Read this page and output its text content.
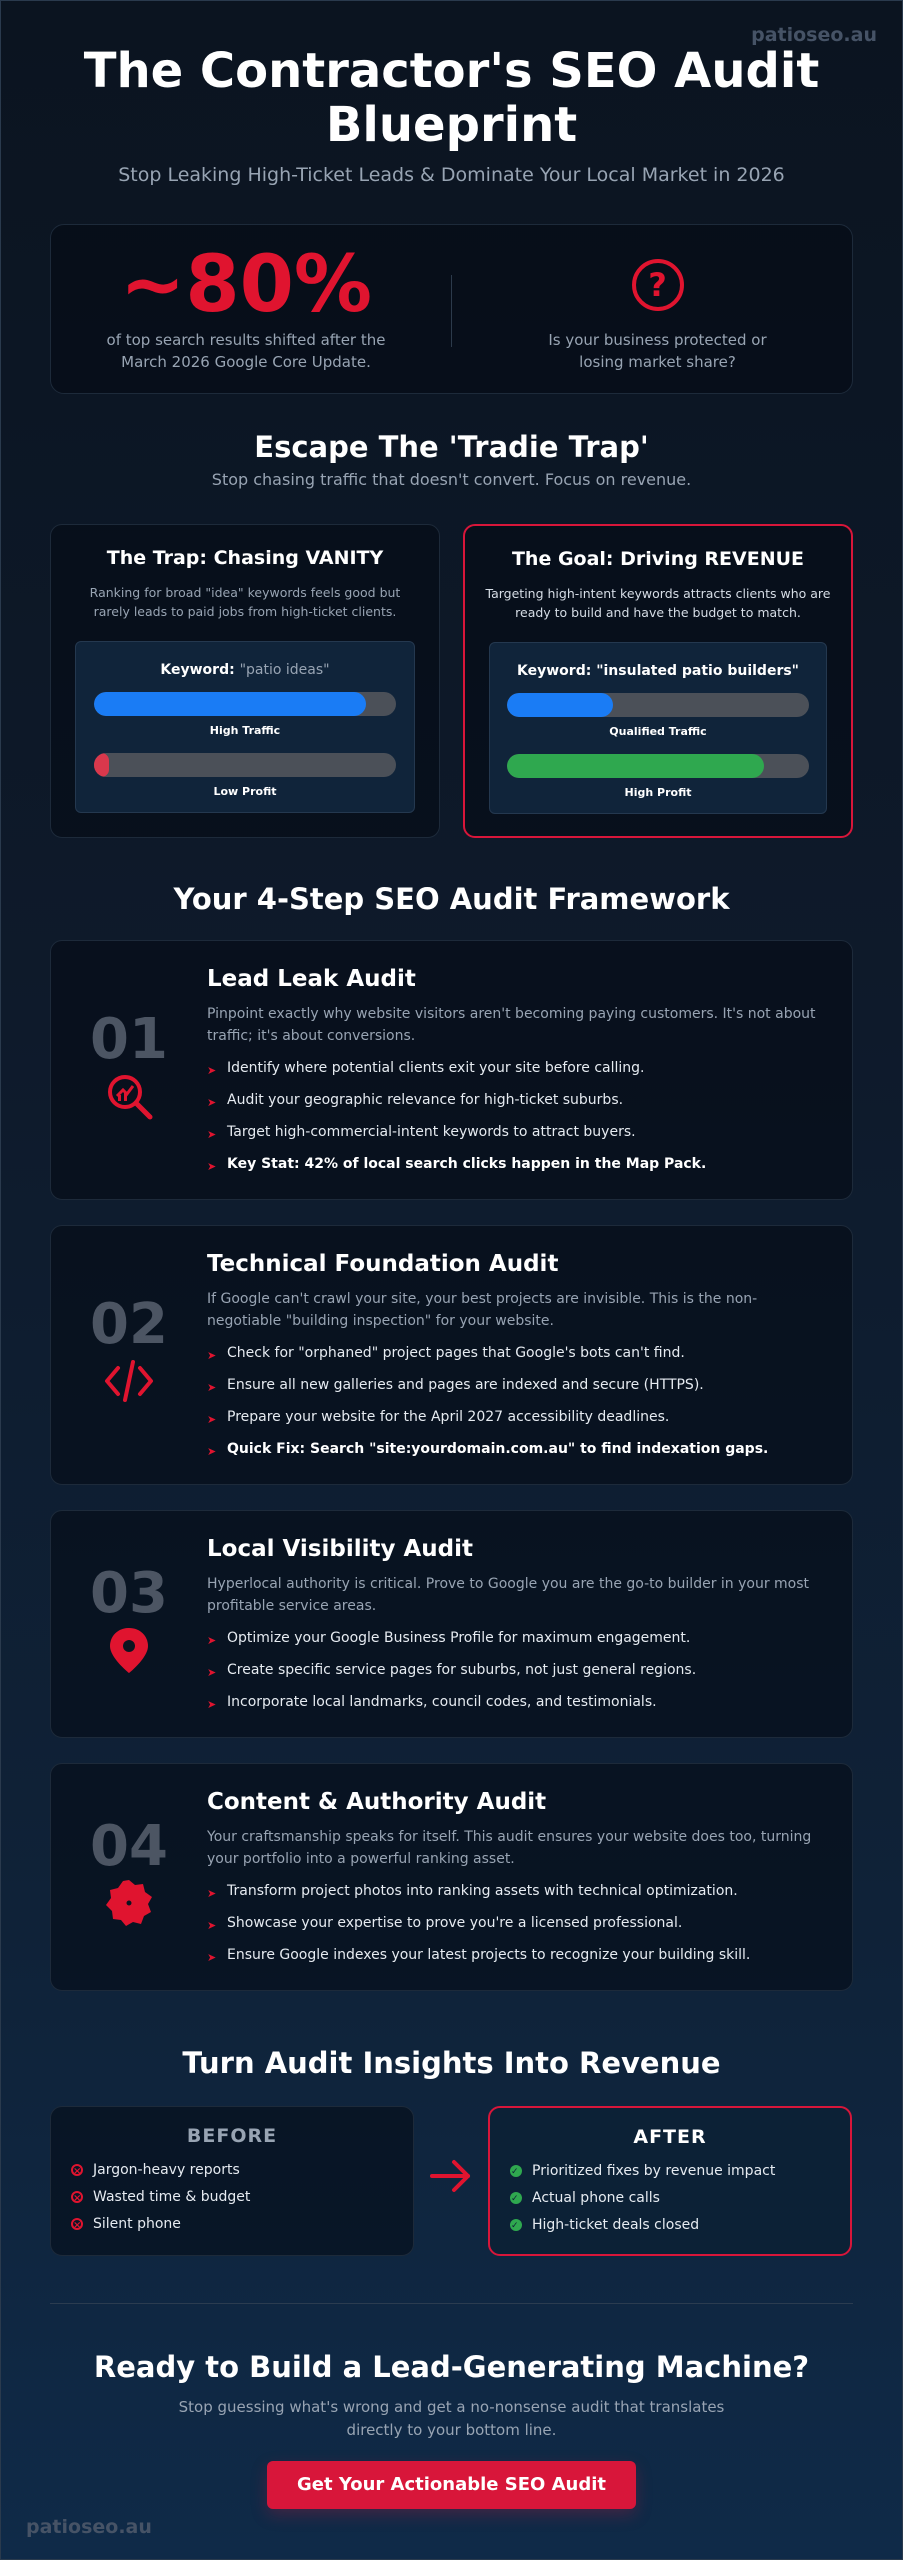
patioseo.au
The Contractor's SEO Audit Blueprint

Stop Leaking High-Ticket Leads & Dominate Your Local Market in 2026

~80%

of top search results shifted after the March 2026 Google Core Update.

?

Is your business protected or losing market share?

Escape The 'Tradie Trap'

Stop chasing traffic that doesn't convert. Focus on revenue.

The Trap: Chasing VANITY

Ranking for broad "idea" keywords feels good but rarely leads to paid jobs from high-ticket clients.

Keyword: "patio ideas"
High Traffic
Low Profit
The Goal: Driving REVENUE

Targeting high-intent keywords attracts clients who are ready to build and have the budget to match.

Keyword: "insulated patio builders"
Qualified Traffic
High Profit
Your 4-Step SEO Audit Framework
01
Lead Leak Audit

Pinpoint exactly why website visitors aren't becoming paying customers. It's not about traffic; it's about conversions.

➤ Identify where potential clients exit your site before calling.
➤ Audit your geographic relevance for high-ticket suburbs.
➤ Target high-commercial-intent keywords to attract buyers.
➤ Key Stat: 42% of local search clicks happen in the Map Pack.
02
Technical Foundation Audit

If Google can't crawl your site, your best projects are invisible. This is the non-negotiable "building inspection" for your website.

➤ Check for "orphaned" project pages that Google's bots can't find.
➤ Ensure all new galleries and pages are indexed and secure (HTTPS).
➤ Prepare your website for the April 2027 accessibility deadlines.
➤ Quick Fix: Search "site:yourdomain.com.au" to find indexation gaps.
03
Local Visibility Audit

Hyperlocal authority is critical. Prove to Google you are the go-to builder in your most profitable service areas.

➤ Optimize your Google Business Profile for maximum engagement.
➤ Create specific service pages for suburbs, not just general regions.
➤ Incorporate local landmarks, council codes, and testimonials.
04
Content & Authority Audit

Your craftsmanship speaks for itself. This audit ensures your website does too, turning your portfolio into a powerful ranking asset.

➤ Transform project photos into ranking assets with technical optimization.
➤ Showcase your expertise to prove you're a licensed professional.
➤ Ensure Google indexes your latest projects to recognize your building skill.
Turn Audit Insights Into Revenue
BEFORE
×
Jargon-heavy reports
×
Wasted time & budget
×
Silent phone
AFTER
✓
Prioritized fixes by revenue impact
✓
Actual phone calls
✓
High-ticket deals closed
Ready to Build a Lead-Generating Machine?

Stop guessing what's wrong and get a no-nonsense audit that translates directly to your bottom line.

Get Your Actionable SEO Audit
patioseo.au
